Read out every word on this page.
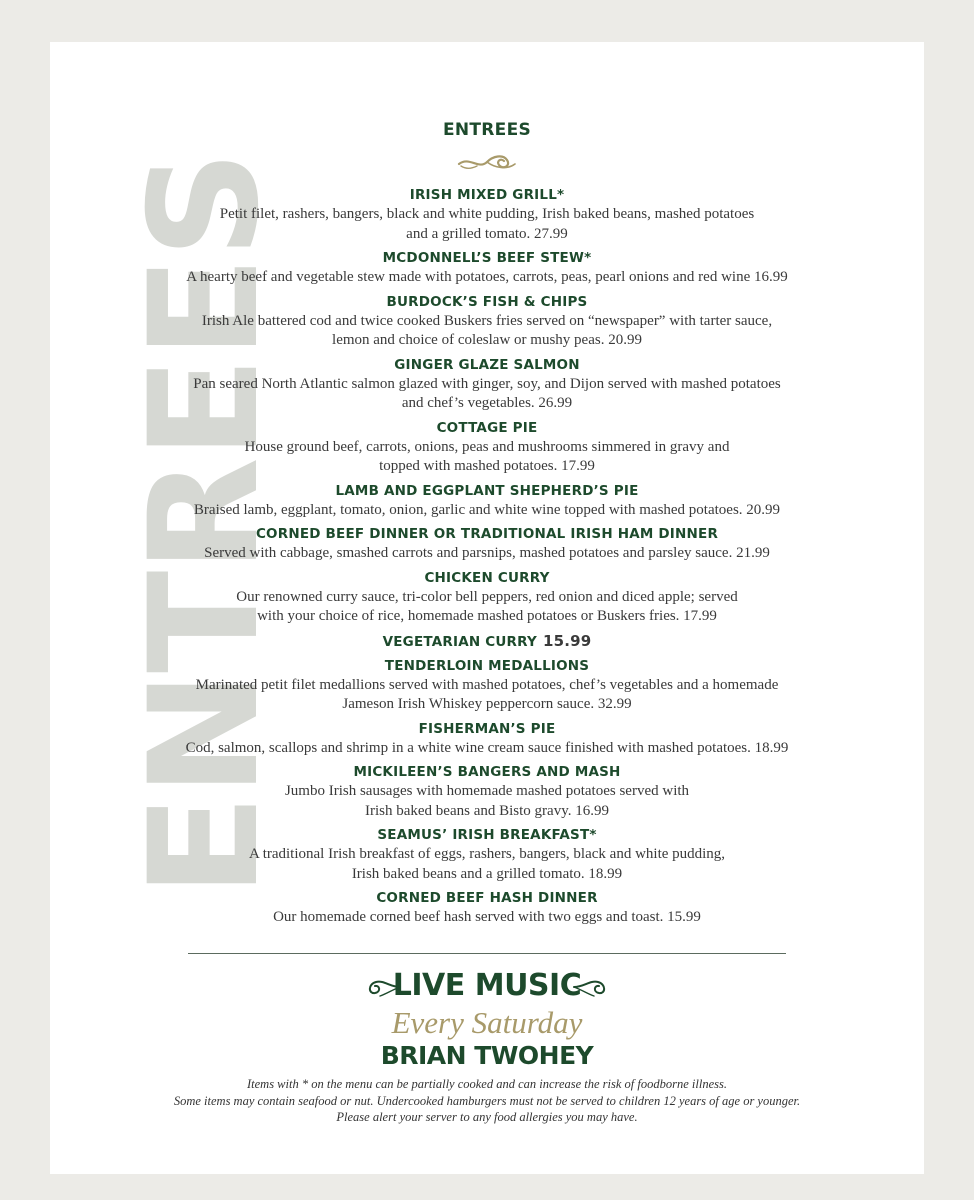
ENTREES
ENTREES
IRISH MIXED GRILL*
Petit filet, rashers, bangers, black and white pudding, Irish baked beans, mashed potatoes
and a grilled tomato. 27.99
MCDONNELL’S BEEF STEW*
A hearty beef and vegetable stew made with potatoes, carrots, peas, pearl onions and red wine 16.99
BURDOCK’S FISH & CHIPS
Irish Ale battered cod and twice cooked Buskers fries served on “newspaper” with tarter sauce,
lemon and choice of coleslaw or mushy peas. 20.99
GINGER GLAZE SALMON
Pan seared North Atlantic salmon glazed with ginger, soy, and Dijon served with mashed potatoes
and chef’s vegetables. 26.99
COTTAGE PIE
House ground beef, carrots, onions, peas and mushrooms simmered in gravy and
topped with mashed potatoes. 17.99
LAMB AND EGGPLANT SHEPHERD’S PIE
Braised lamb, eggplant, tomato, onion, garlic and white wine topped with mashed potatoes. 20.99
CORNED BEEF DINNER OR TRADITIONAL IRISH HAM DINNER
Served with cabbage, smashed carrots and parsnips, mashed potatoes and parsley sauce. 21.99
CHICKEN CURRY
Our renowned curry sauce, tri-color bell peppers, red onion and diced apple; served
with your choice of rice, homemade mashed potatoes or Buskers fries. 17.99
VEGETARIAN CURRY 15.99
TENDERLOIN MEDALLIONS
Marinated petit filet medallions served with mashed potatoes, chef’s vegetables and a homemade
Jameson Irish Whiskey peppercorn sauce. 32.99
FISHERMAN’S PIE
Cod, salmon, scallops and shrimp in a white wine cream sauce finished with mashed potatoes. 18.99
MICKILEEN’S BANGERS AND MASH
Jumbo Irish sausages with homemade mashed potatoes served with
Irish baked beans and Bisto gravy. 16.99
SEAMUS’ IRISH BREAKFAST*
A traditional Irish breakfast of eggs, rashers, bangers, black and white pudding,
Irish baked beans and a grilled tomato. 18.99
CORNED BEEF HASH DINNER
Our homemade corned beef hash served with two eggs and toast. 15.99
LIVE MUSIC
Every Saturday
BRIAN TWOHEY
Items with * on the menu can be partially cooked and can increase the risk of foodborne illness.
Some items may contain seafood or nut. Undercooked hamburgers must not be served to children 12 years of age or younger.
Please alert your server to any food allergies you may have.
